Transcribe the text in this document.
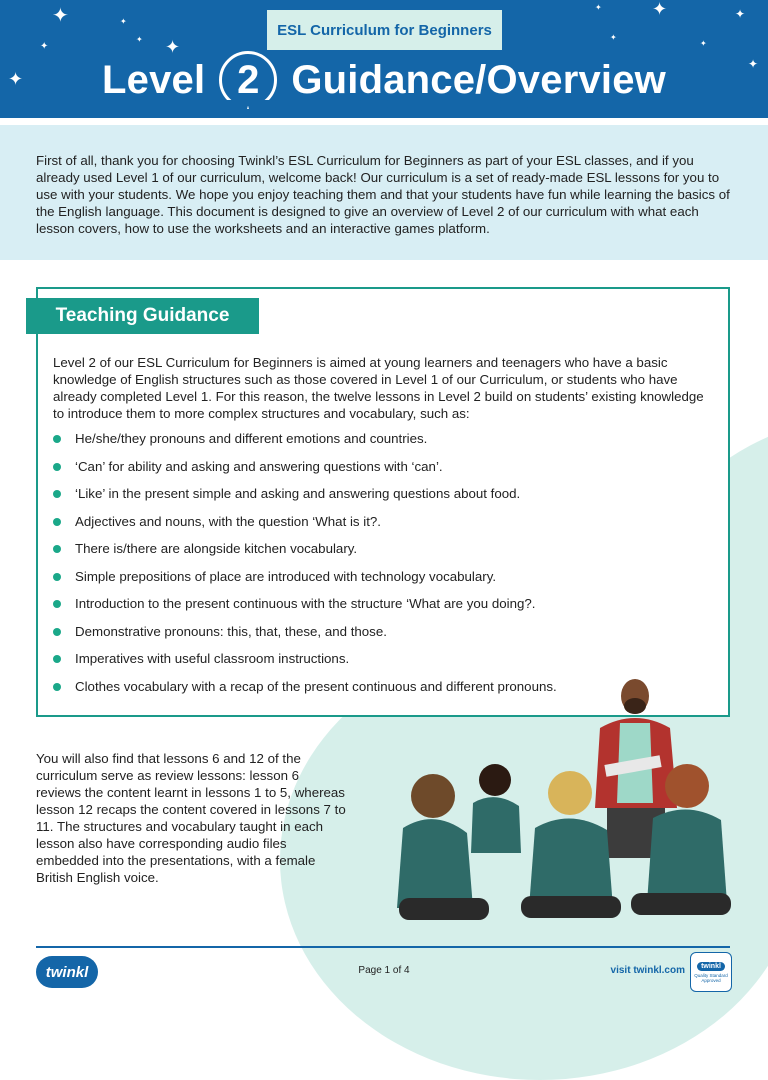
✦
✦
✦
✦
✦
✦
✦	✦	✦
✦
✦
✦
ESL Curriculum for Beginners
Level 2 Guidance/Overview

First of all, thank you for choosing Twinkl’s ESL Curriculum for Beginners as part of your ESL classes, and if you already used Level 1 of our curriculum, welcome back! Our curriculum is a set of ready-made ESL lessons for you to use with your students. We hope you enjoy teaching them and that your students have fun while learning the basics of the English language. This document is designed to give an overview of Level 2 of our curriculum with what each lesson covers, how to use the worksheets and an interactive games platform.

Teaching Guidance

Level 2 of our ESL Curriculum for Beginners is aimed at young learners and teenagers who have a basic knowledge of English structures such as those covered in Level 1 of our Curriculum, or students who have already completed Level 1. For this reason, the twelve lessons in Level 2 build on students’ existing knowledge to introduce them to more complex structures and vocabulary, such as:

He/she/they pronouns and different emotions and countries.
‘Can’ for ability and asking and answering questions with ‘can’.
‘Like’ in the present simple and asking and answering questions about food.
Adjectives and nouns, with the question ‘What is it?.
There is/there are alongside kitchen vocabulary.
Simple prepositions of place are introduced with technology vocabulary.
Introduction to the present continuous with the structure ‘What are you doing?.
Demonstrative pronouns: this, that, these, and those.
Imperatives with useful classroom instructions.
Clothes vocabulary with a recap of the present continuous and different pronouns.

You will also find that lessons 6 and 12 of the curriculum serve as review lessons: lesson 6 reviews the content learnt in lessons 1 to 5, whereas lesson 12 recaps the content covered in lessons 7 to 11. The structures and vocabulary taught in each lesson also have corresponding audio files embedded into the presentations, with a female British English voice.

twinkl	Page 1 of 4	visit twinkl.com	twinkl
Quality Standard Approved
